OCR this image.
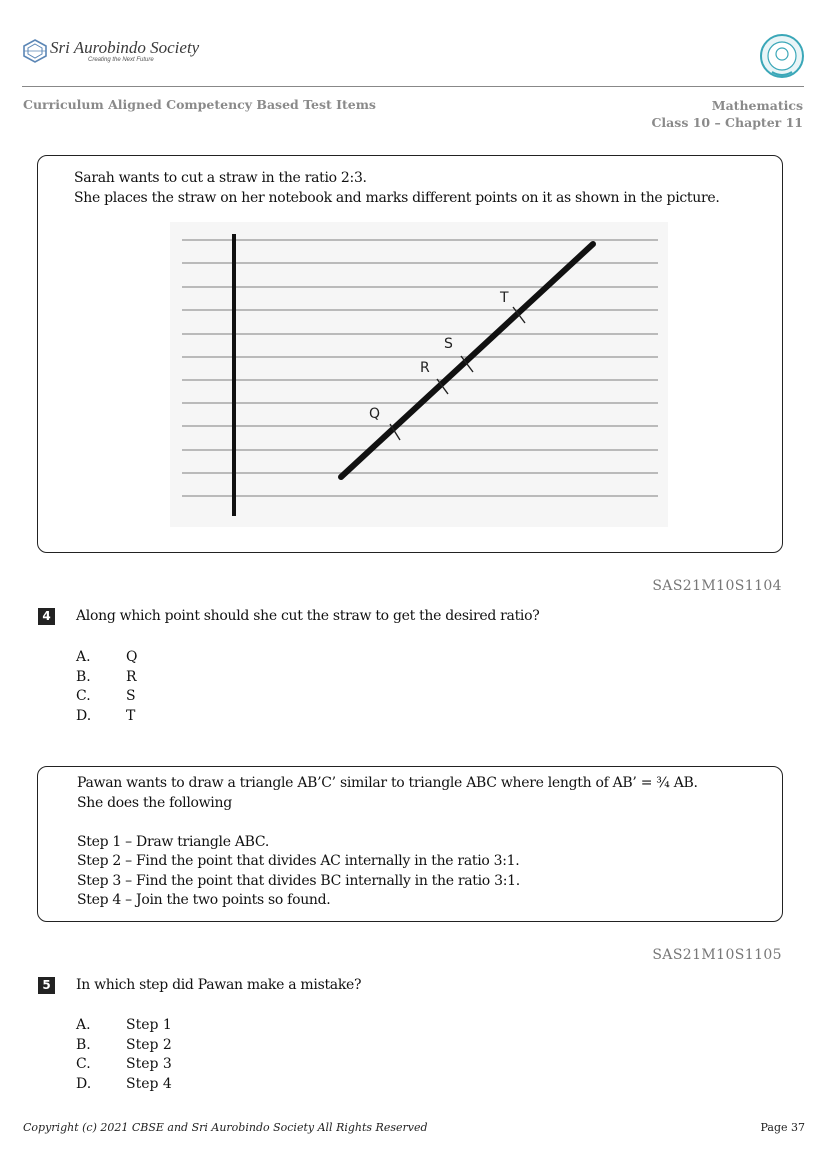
Sri Aurobindo Society
Creating the Next Future
Curriculum Aligned Competency Based Test Items	Mathematics
Class 10 – Chapter 11
Sarah wants to cut a straw in the ratio 2:3.
She places the straw on her notebook and marks different points on it as shown in the picture.
Q
R
S
T
SAS21M10S1104
4	Along which point should she cut the straw to get the desired ratio?
A.	Q
B.	R
C.	S
D. T
Pawan wants to draw a triangle AB’C’ similar to triangle ABC where length of AB’ = ¾ AB.
She does the following
Step 1 – Draw triangle ABC.
Step 2 – Find the point that divides AC internally in the ratio 3:1.
Step 3 – Find the point that divides BC internally in the ratio 3:1.
Step 4 – Join the two points so found.
SAS21M10S1105
5	In which step did Pawan make a mistake?
A.	Step 1
B.	Step 2
C.	Step 3
D. Step 4
Copyright (c) 2021 CBSE and Sri Aurobindo Society All Rights Reserved	Page 37
